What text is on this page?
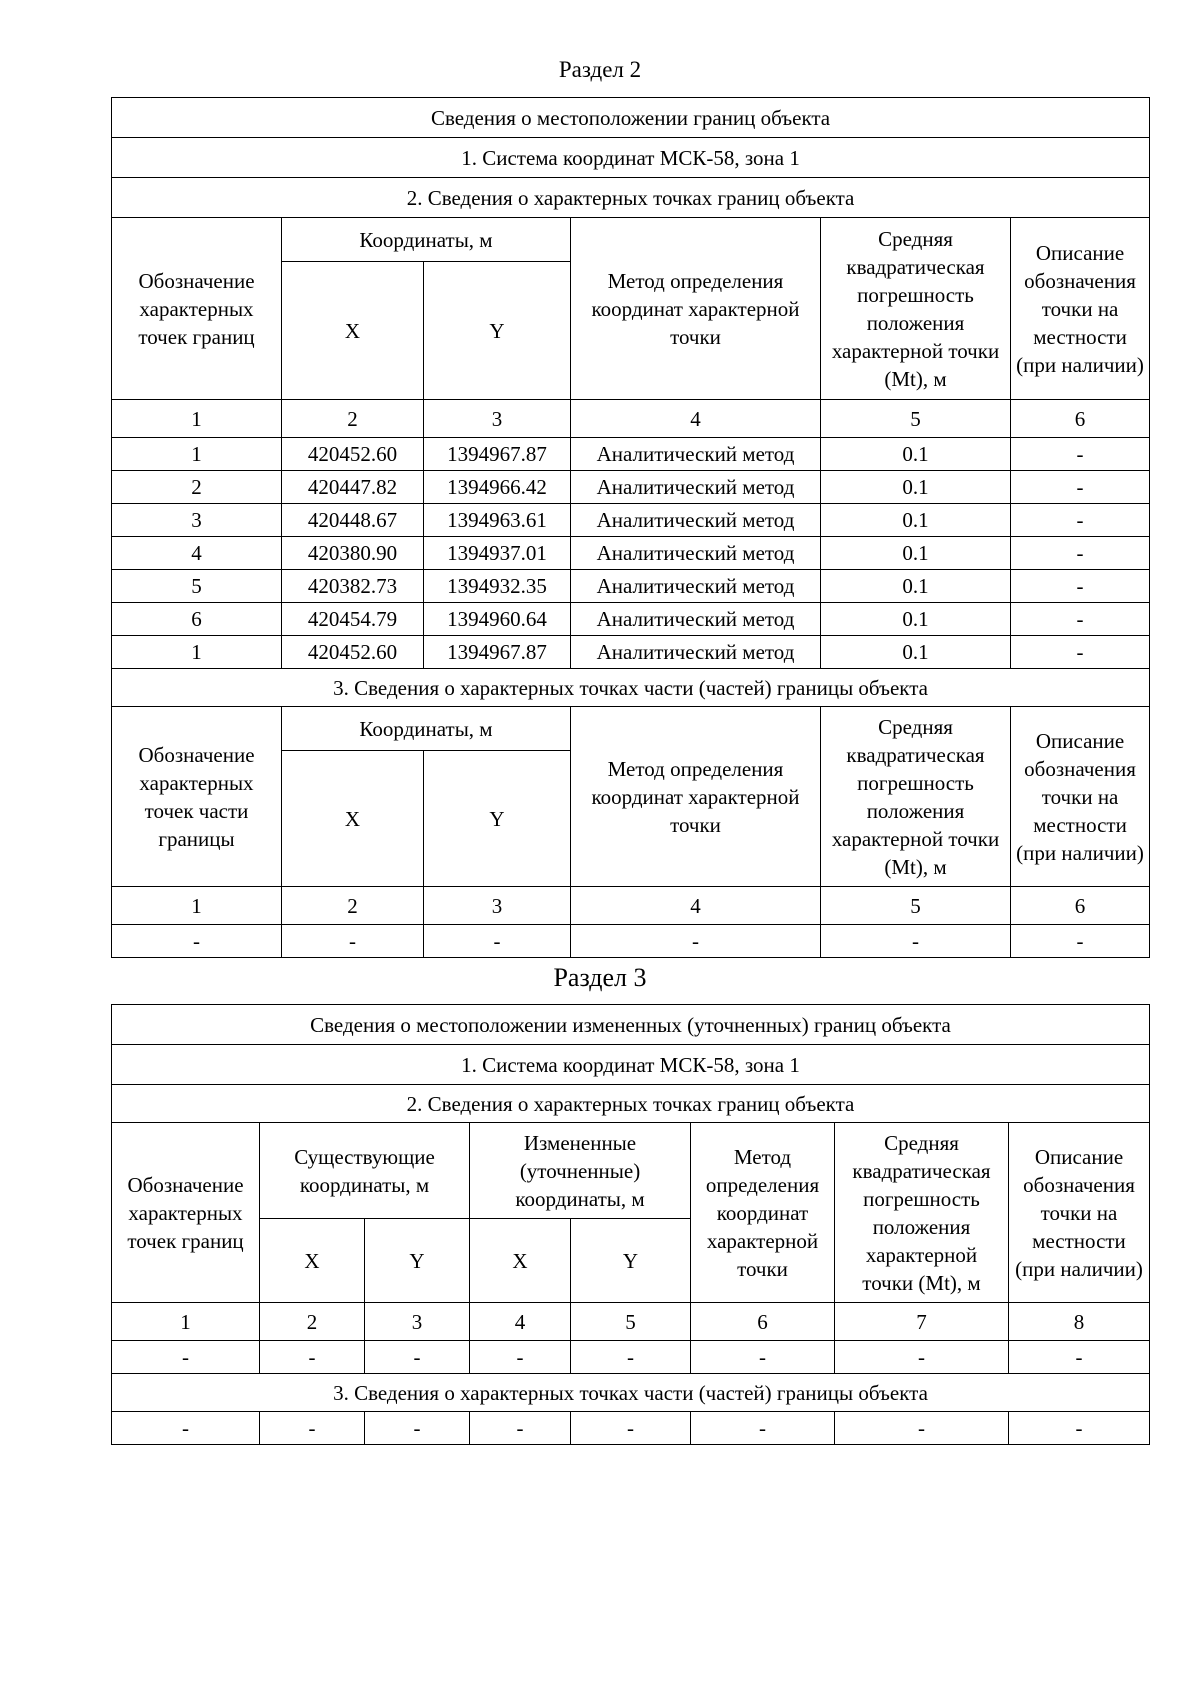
Раздел 2
Сведения о местоположении границ объекта					
1. Система координат МСК-58, зона 1					
2. Сведения о характерных точках границ объекта					
Обозначение характерных точек границ	Координаты, м		Метод определения координат характерной точки	Средняя квадратическая погрешность положения характерной точки (Mt), м	Описание обозначения точки на местности (при наличии)
	X	Y			
1	2	3	4	5	6
1	420452.60	1394967.87	Аналитический метод	0.1	-
2	420447.82	1394966.42	Аналитический метод	0.1	-
3	420448.67	1394963.61	Аналитический метод	0.1	-
4	420380.90	1394937.01	Аналитический метод	0.1	-
5	420382.73	1394932.35	Аналитический метод	0.1	-
6	420454.79	1394960.64	Аналитический метод	0.1	-
1	420452.60	1394967.87	Аналитический метод	0.1	-
3. Сведения о характерных точках части (частей) границы объекта					
Обозначение характерных точек части границы	Координаты, м		Метод определения координат характерной точки	Средняя квадратическая погрешность положения характерной точки (Mt), м	Описание обозначения точки на местности (при наличии)
	X	Y			
1	2	3	4	5	6
-	-	-	-	-	-
Раздел 3
Сведения о местоположении измененных (уточненных) границ объекта							
1. Система координат МСК-58, зона 1							
2. Сведения о характерных точках границ объекта							
Обозначение характерных точек границ	Существующие координаты, м		Измененные (уточненные) координаты, м		Метод определения координат характерной точки	Средняя квадратическая погрешность положения характерной точки (Mt), м	Описание обозначения точки на местности (при наличии)
	X	Y	X	Y			
1	2	3	4	5	6	7	8
-	-	-	-	-	-	-	-
3. Сведения о характерных точках части (частей) границы объекта							
-	-	-	-	-	-	-	-
